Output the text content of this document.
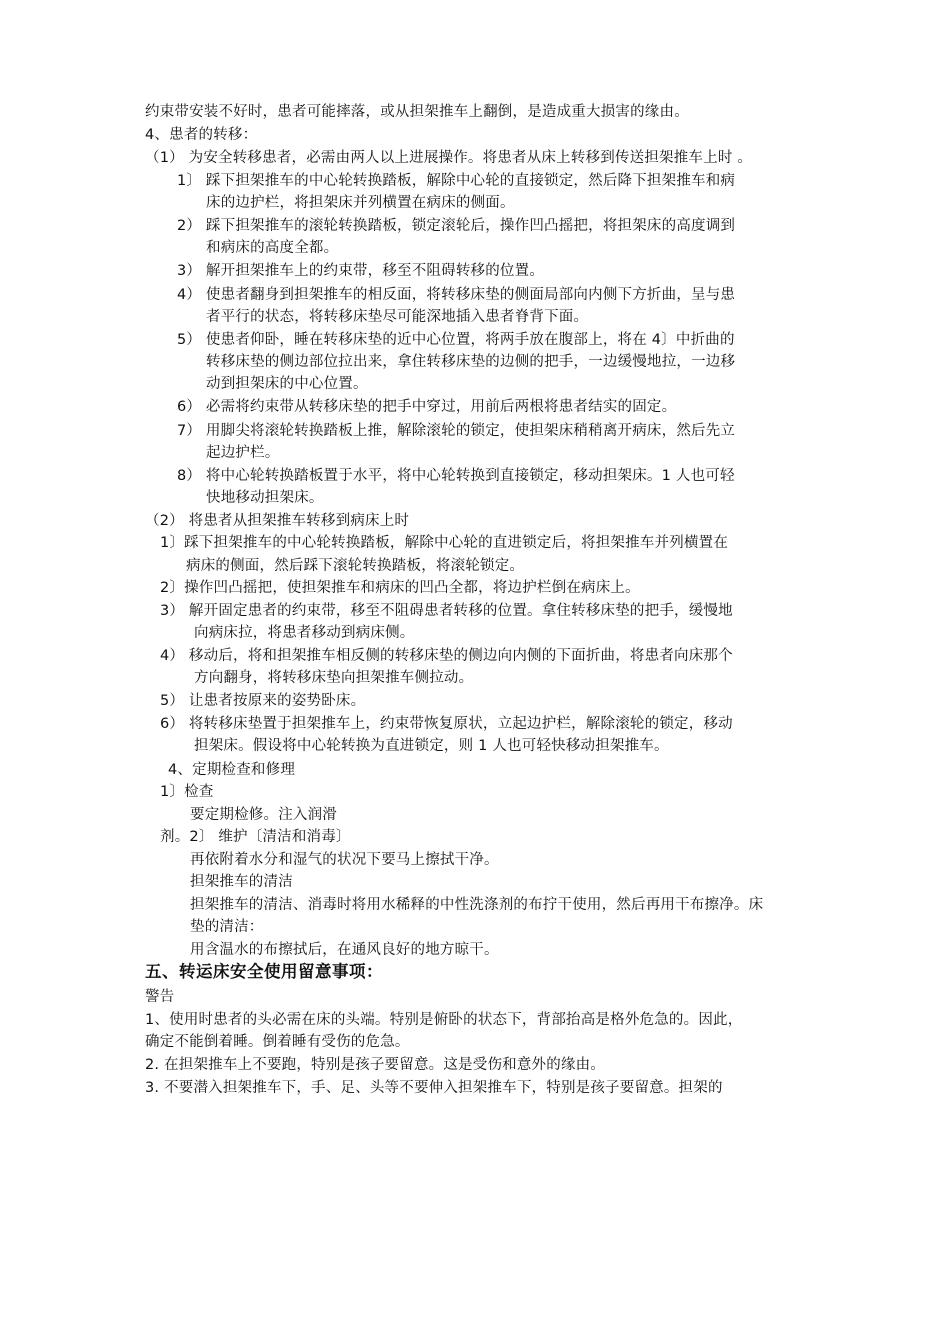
约束带安装不好时，患者可能摔落，或从担架推车上翻倒，是造成重大损害的缘由。
4、患者的转移：
（1） 为安全转移患者，必需由两人以上进展操作。将患者从床上转移到传送担架推车上时 。
1〕 踩下担架推车的中心轮转换踏板，解除中心轮的直接锁定，然后降下担架推车和病
床的边护栏，将担架床并列横置在病床的侧面。
2） 踩下担架推车的滚轮转换踏板，锁定滚轮后，操作凹凸摇把，将担架床的高度调到
和病床的高度全都。
3） 解开担架推车上的约束带，移至不阻碍转移的位置。
4） 使患者翻身到担架推车的相反面，将转移床垫的侧面局部向内侧下方折曲，呈与患
者平行的状态，将转移床垫尽可能深地插入患者脊背下面。
5） 使患者仰卧，睡在转移床垫的近中心位置，将两手放在腹部上，将在 4〕中折曲的
转移床垫的侧边部位拉出来，拿住转移床垫的边侧的把手，一边缓慢地拉，一边移
动到担架床的中心位置。
6） 必需将约束带从转移床垫的把手中穿过，用前后两根将患者结实的固定。
7） 用脚尖将滚轮转换踏板上推，解除滚轮的锁定，使担架床稍稍离开病床，然后先立
起边护栏。
8） 将中心轮转换踏板置于水平，将中心轮转换到直接锁定，移动担架床。1 人也可轻
快地移动担架床。
（2） 将患者从担架推车转移到病床上时
1〕踩下担架推车的中心轮转换踏板，解除中心轮的直进锁定后，将担架推车并列横置在
病床的侧面，然后踩下滚轮转换踏板，将滚轮锁定。
2〕操作凹凸摇把，使担架推车和病床的凹凸全都，将边护栏倒在病床上。
3） 解开固定患者的约束带，移至不阻碍患者转移的位置。拿住转移床垫的把手，缓慢地
向病床拉，将患者移动到病床侧。
4） 移动后，将和担架推车相反侧的转移床垫的侧边向内侧的下面折曲，将患者向床那个
方向翻身，将转移床垫向担架推车侧拉动。
5） 让患者按原来的姿势卧床。
6） 将转移床垫置于担架推车上，约束带恢复原状，立起边护栏，解除滚轮的锁定，移动
担架床。假设将中心轮转换为直进锁定，则 1 人也可轻快移动担架推车。
4、定期检查和修理
1〕检查
要定期检修。注入润滑
剂。2〕 维护〔清洁和消毒〕
再依附着水分和湿气的状况下要马上擦拭干净。
担架推车的清洁
担架推车的清洁、消毒时将用水稀释的中性洗涤剂的布拧干使用，然后再用干布擦净。床
垫的清洁：
用含温水的布擦拭后，在通风良好的地方晾干。
五、转运床安全使用留意事项：
警告
1、使用时患者的头必需在床的头端。特别是俯卧的状态下，背部抬高是格外危急的。因此，
确定不能倒着睡。倒着睡有受伤的危急。
2. 在担架推车上不要跑，特别是孩子要留意。这是受伤和意外的缘由。
3. 不要潜入担架推车下，手、足、头等不要伸入担架推车下，特别是孩子要留意。担架的
